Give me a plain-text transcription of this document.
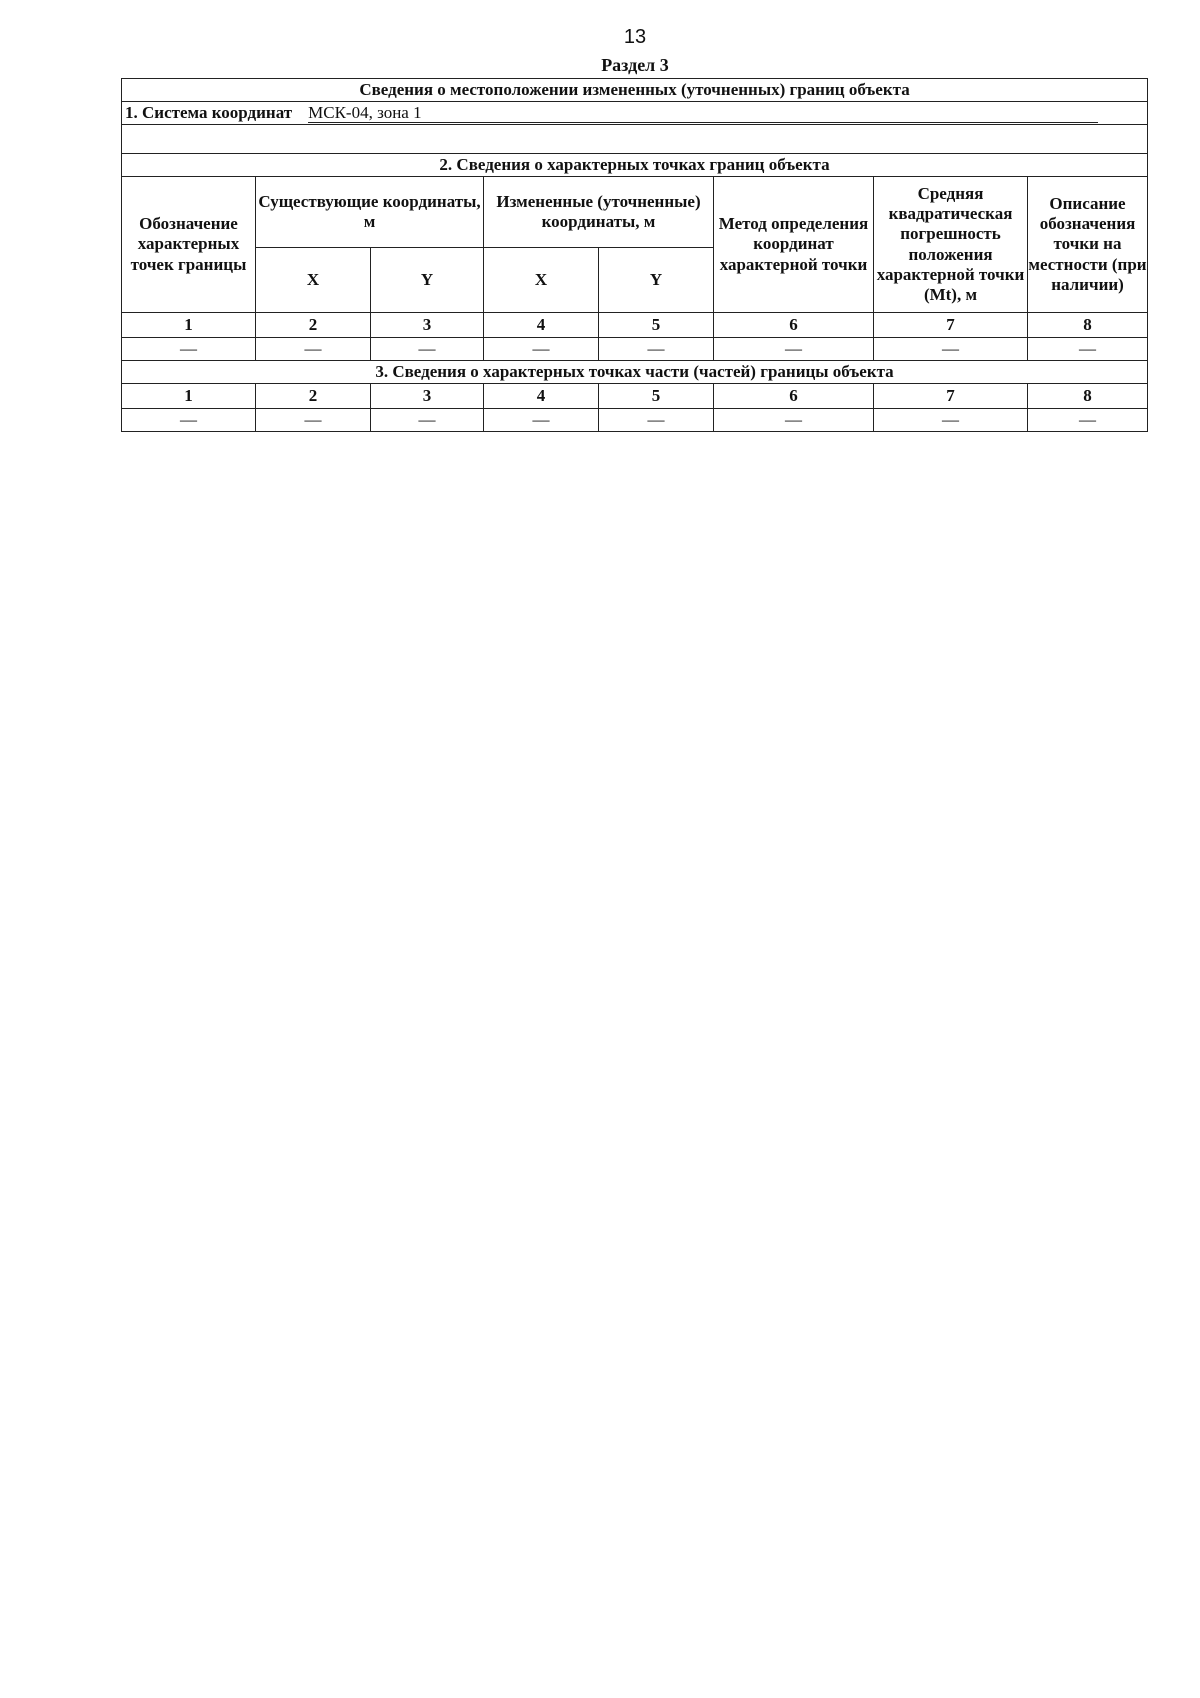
13
Раздел 3
Сведения о местоположении измененных (уточненных) границ объекта							
1. Система координат МСК-04, зона 1							

2. Сведения о характерных точках границ объекта							
Обозначение характерных точек границы	Существующие координаты, м		Измененные (уточненные) координаты, м		Метод определения координат характерной точки	Средняя квадратическая погрешность положения характерной точки (Mt), м	Описание обозначения точки на местности (при наличии)
	X	Y	X	Y			
1	2	3	4	5	6	7	8
—	—	—	—	—	—	—	—
3. Сведения о характерных точках части (частей) границы объекта							
1	2	3	4	5	6	7	8
—	—	—	—	—	—	—	—
